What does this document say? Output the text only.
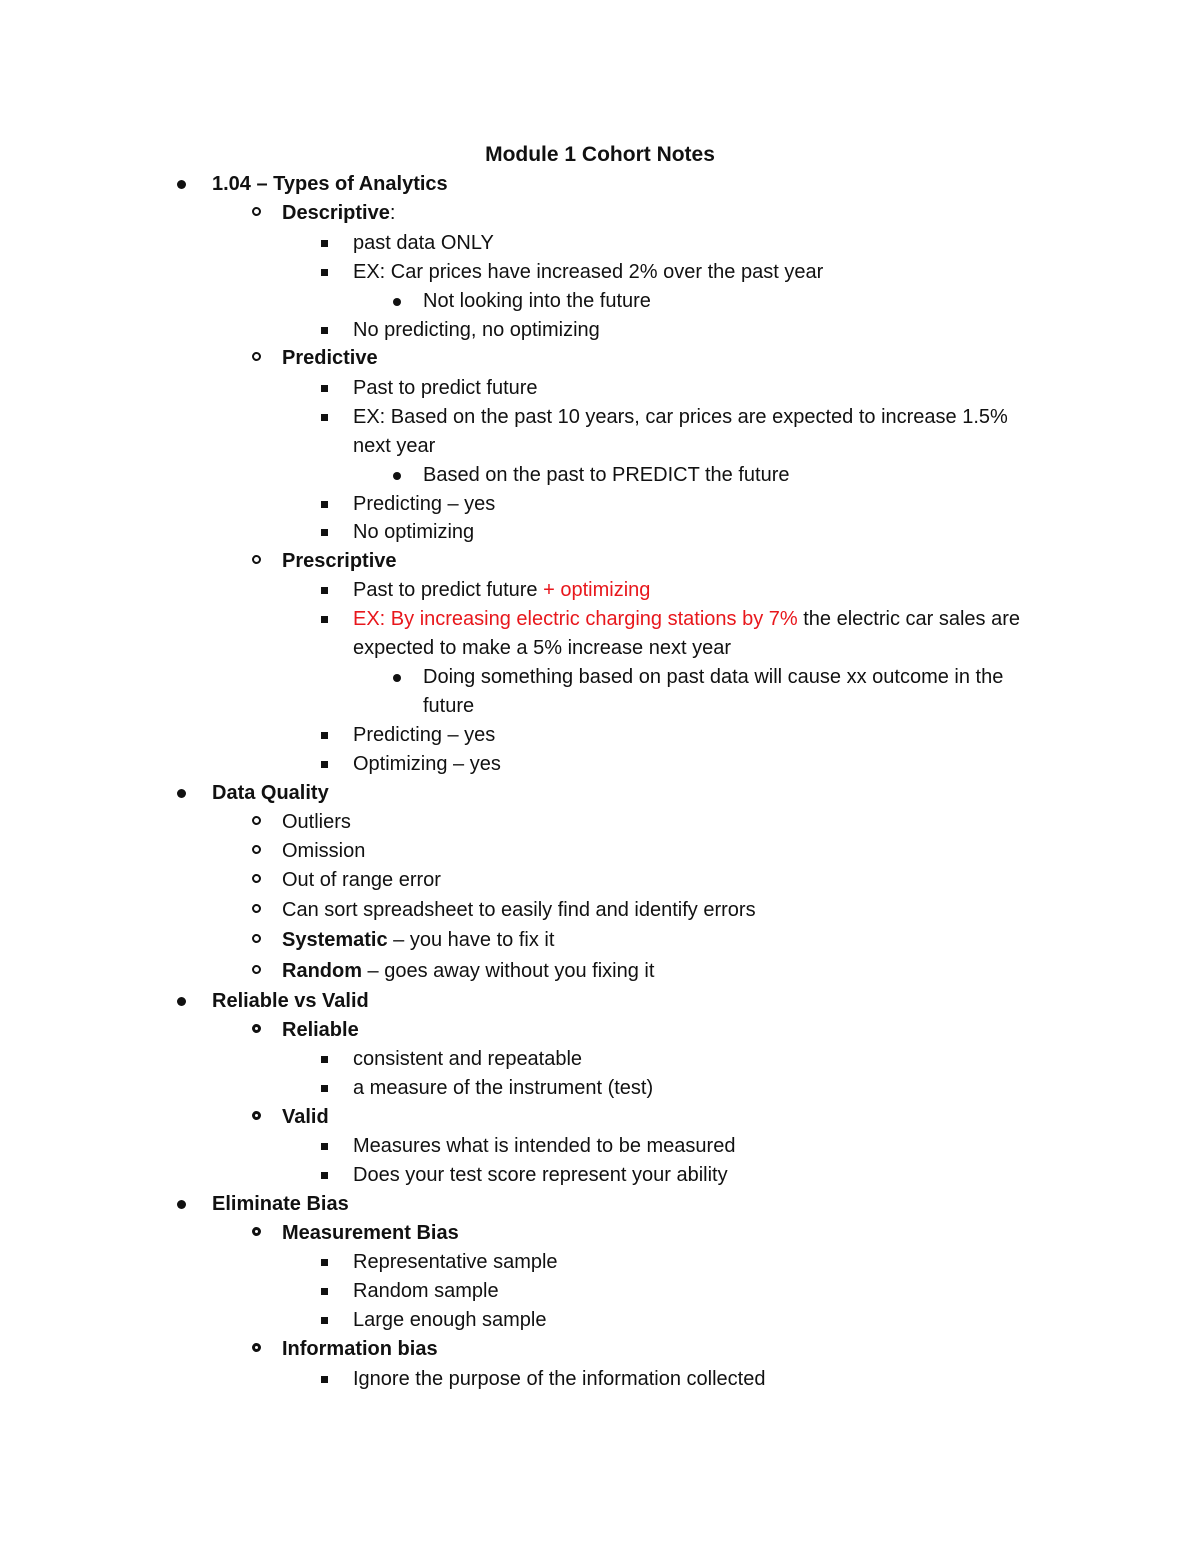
Module 1 Cohort Notes
1.04 – Types of Analytics
Descriptive:
past data ONLY
EX: Car prices have increased 2% over the past year
Not looking into the future
No predicting, no optimizing
Predictive
Past to predict future
EX: Based on the past 10 years, car prices are expected to increase 1.5%
next year
Based on the past to PREDICT the future
Predicting – yes
No optimizing
Prescriptive
Past to predict future + optimizing
EX: By increasing electric charging stations by 7% the electric car sales are
expected to make a 5% increase next year
Doing something based on past data will cause xx outcome in the
future
Predicting – yes
Optimizing – yes
Data Quality
Outliers
Omission
Out of range error
Can sort spreadsheet to easily find and identify errors
Systematic – you have to fix it
Random – goes away without you fixing it
Reliable vs Valid
Reliable
consistent and repeatable
a measure of the instrument (test)
Valid
Measures what is intended to be measured
Does your test score represent your ability
Eliminate Bias
Measurement Bias
Representative sample
Random sample
Large enough sample
Information bias
Ignore the purpose of the information collected
